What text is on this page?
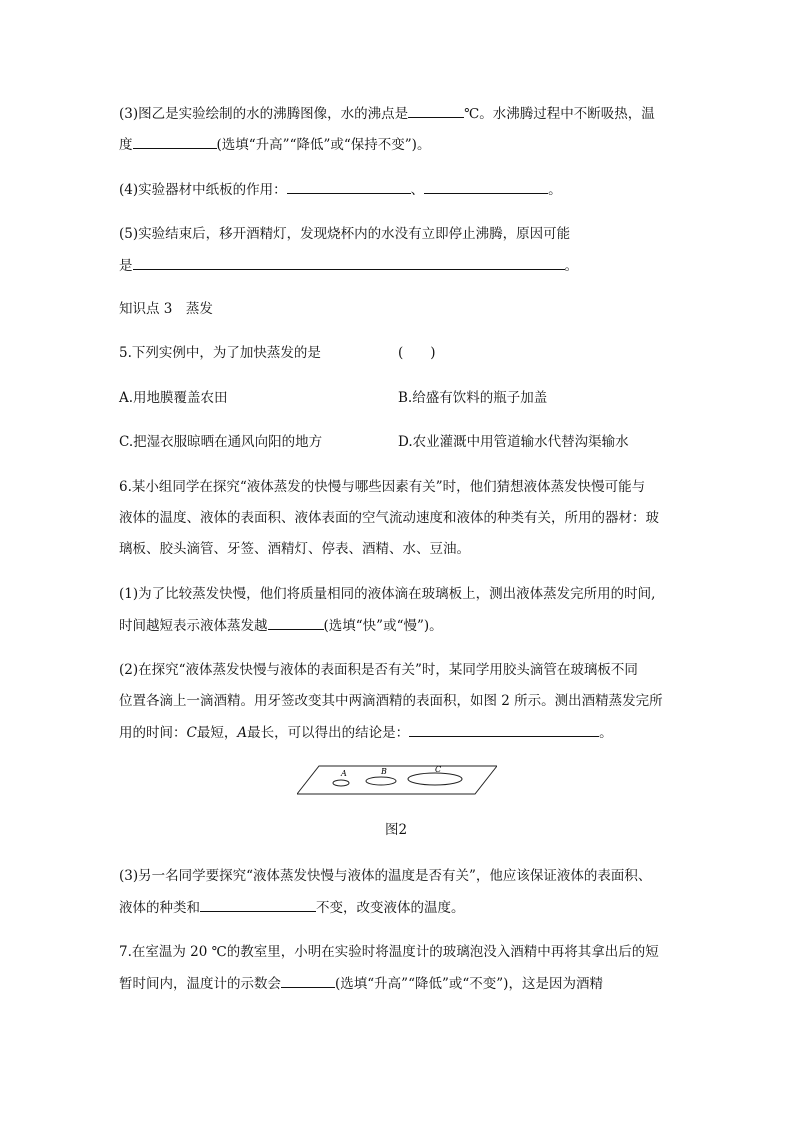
(3)图乙是实验绘制的水的沸腾图像，水的沸点是	℃。水沸腾过程中不断吸热，温
度	(选填“升高”“降低”或“保持不变”)。
(4)实验器材中纸板的作用：	、	。
(5)实验结束后，移开酒精灯，发现烧杯内的水没有立即停止沸腾，原因可能
是	。
知识点 3　蒸发
5.下列实例中，为了加快蒸发的是	(　　)
A.用地膜覆盖农田	B.给盛有饮料的瓶子加盖
C.把湿衣服晾晒在通风向阳的地方	D.农业灌溉中用管道输水代替沟渠输水
6.某小组同学在探究“液体蒸发的快慢与哪些因素有关”时，他们猜想液体蒸发快慢可能与
液体的温度、液体的表面积、液体表面的空气流动速度和液体的种类有关，所用的器材：玻
璃板、胶头滴管、牙签、酒精灯、停表、酒精、水、豆油。
(1)为了比较蒸发快慢，他们将质量相同的液体滴在玻璃板上，测出液体蒸发完所用的时间,
时间越短表示液体蒸发越	(选填“快”或“慢”)。
(2)在探究“液体蒸发快慢与液体的表面积是否有关”时，某同学用胶头滴管在玻璃板不同
位置各滴上一滴酒精。用牙签改变其中两滴酒精的表面积，如图 2 所示。测出酒精蒸发完所
用的时间：C最短，A最长，可以得出的结论是：	。
A	B	C
图2
(3)另一名同学要探究“液体蒸发快慢与液体的温度是否有关”，他应该保证液体的表面积、
液体的种类和	不变，改变液体的温度。
7.在室温为 20 ℃的教室里，小明在实验时将温度计的玻璃泡没入酒精中再将其拿出后的短
暂时间内，温度计的示数会	(选填“升高”“降低”或“不变”)，这是因为酒精
